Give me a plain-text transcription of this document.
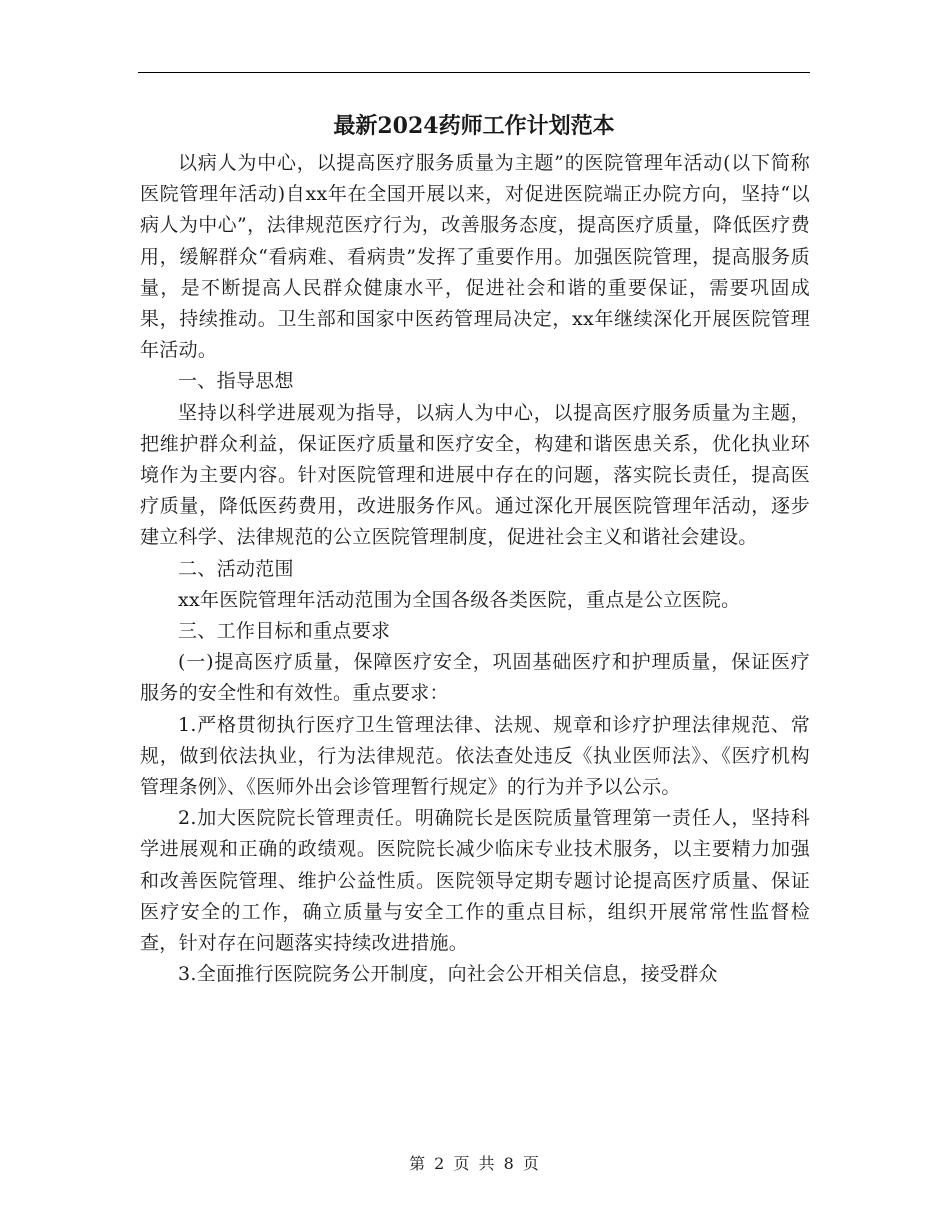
最新2024药师工作计划范本

以病人为中心，以提高医疗服务质量为主题”的医院管理年活动(以下简称医院管理年活动)自xx年在全国开展以来，对促进医院端正办院方向，坚持“以病人为中心”，法律规范医疗行为，改善服务态度，提高医疗质量，降低医疗费用，缓解群众“看病难、看病贵”发挥了重要作用。加强医院管理，提高服务质量，是不断提高人民群众健康水平，促进社会和谐的重要保证，需要巩固成果，持续推动。卫生部和国家中医药管理局决定，xx年继续深化开展医院管理年活动。

一、指导思想

坚持以科学进展观为指导，以病人为中心，以提高医疗服务质量为主题，把维护群众利益，保证医疗质量和医疗安全，构建和谐医患关系，优化执业环境作为主要内容。针对医院管理和进展中存在的问题，落实院长责任，提高医疗质量，降低医药费用，改进服务作风。通过深化开展医院管理年活动，逐步建立科学、法律规范的公立医院管理制度，促进社会主义和谐社会建设。

二、活动范围

xx年医院管理年活动范围为全国各级各类医院，重点是公立医院。

三、工作目标和重点要求

(一)提高医疗质量，保障医疗安全，巩固基础医疗和护理质量，保证医疗服务的安全性和有效性。重点要求：

1.严格贯彻执行医疗卫生管理法律、法规、规章和诊疗护理法律规范、常规，做到依法执业，行为法律规范。依法查处违反《执业医师法》、《医疗机构管理条例》、《医师外出会诊管理暂行规定》的行为并予以公示。

2.加大医院院长管理责任。明确院长是医院质量管理第一责任人，坚持科学进展观和正确的政绩观。医院院长减少临床专业技术服务，以主要精力加强和改善医院管理、维护公益性质。医院领导定期专题讨论提高医疗质量、保证医疗安全的工作，确立质量与安全工作的重点目标，组织开展常常性监督检查，针对存在问题落实持续改进措施。

3.全面推行医院院务公开制度，向社会公开相关信息，接受群众

第 2 页 共 8 页
